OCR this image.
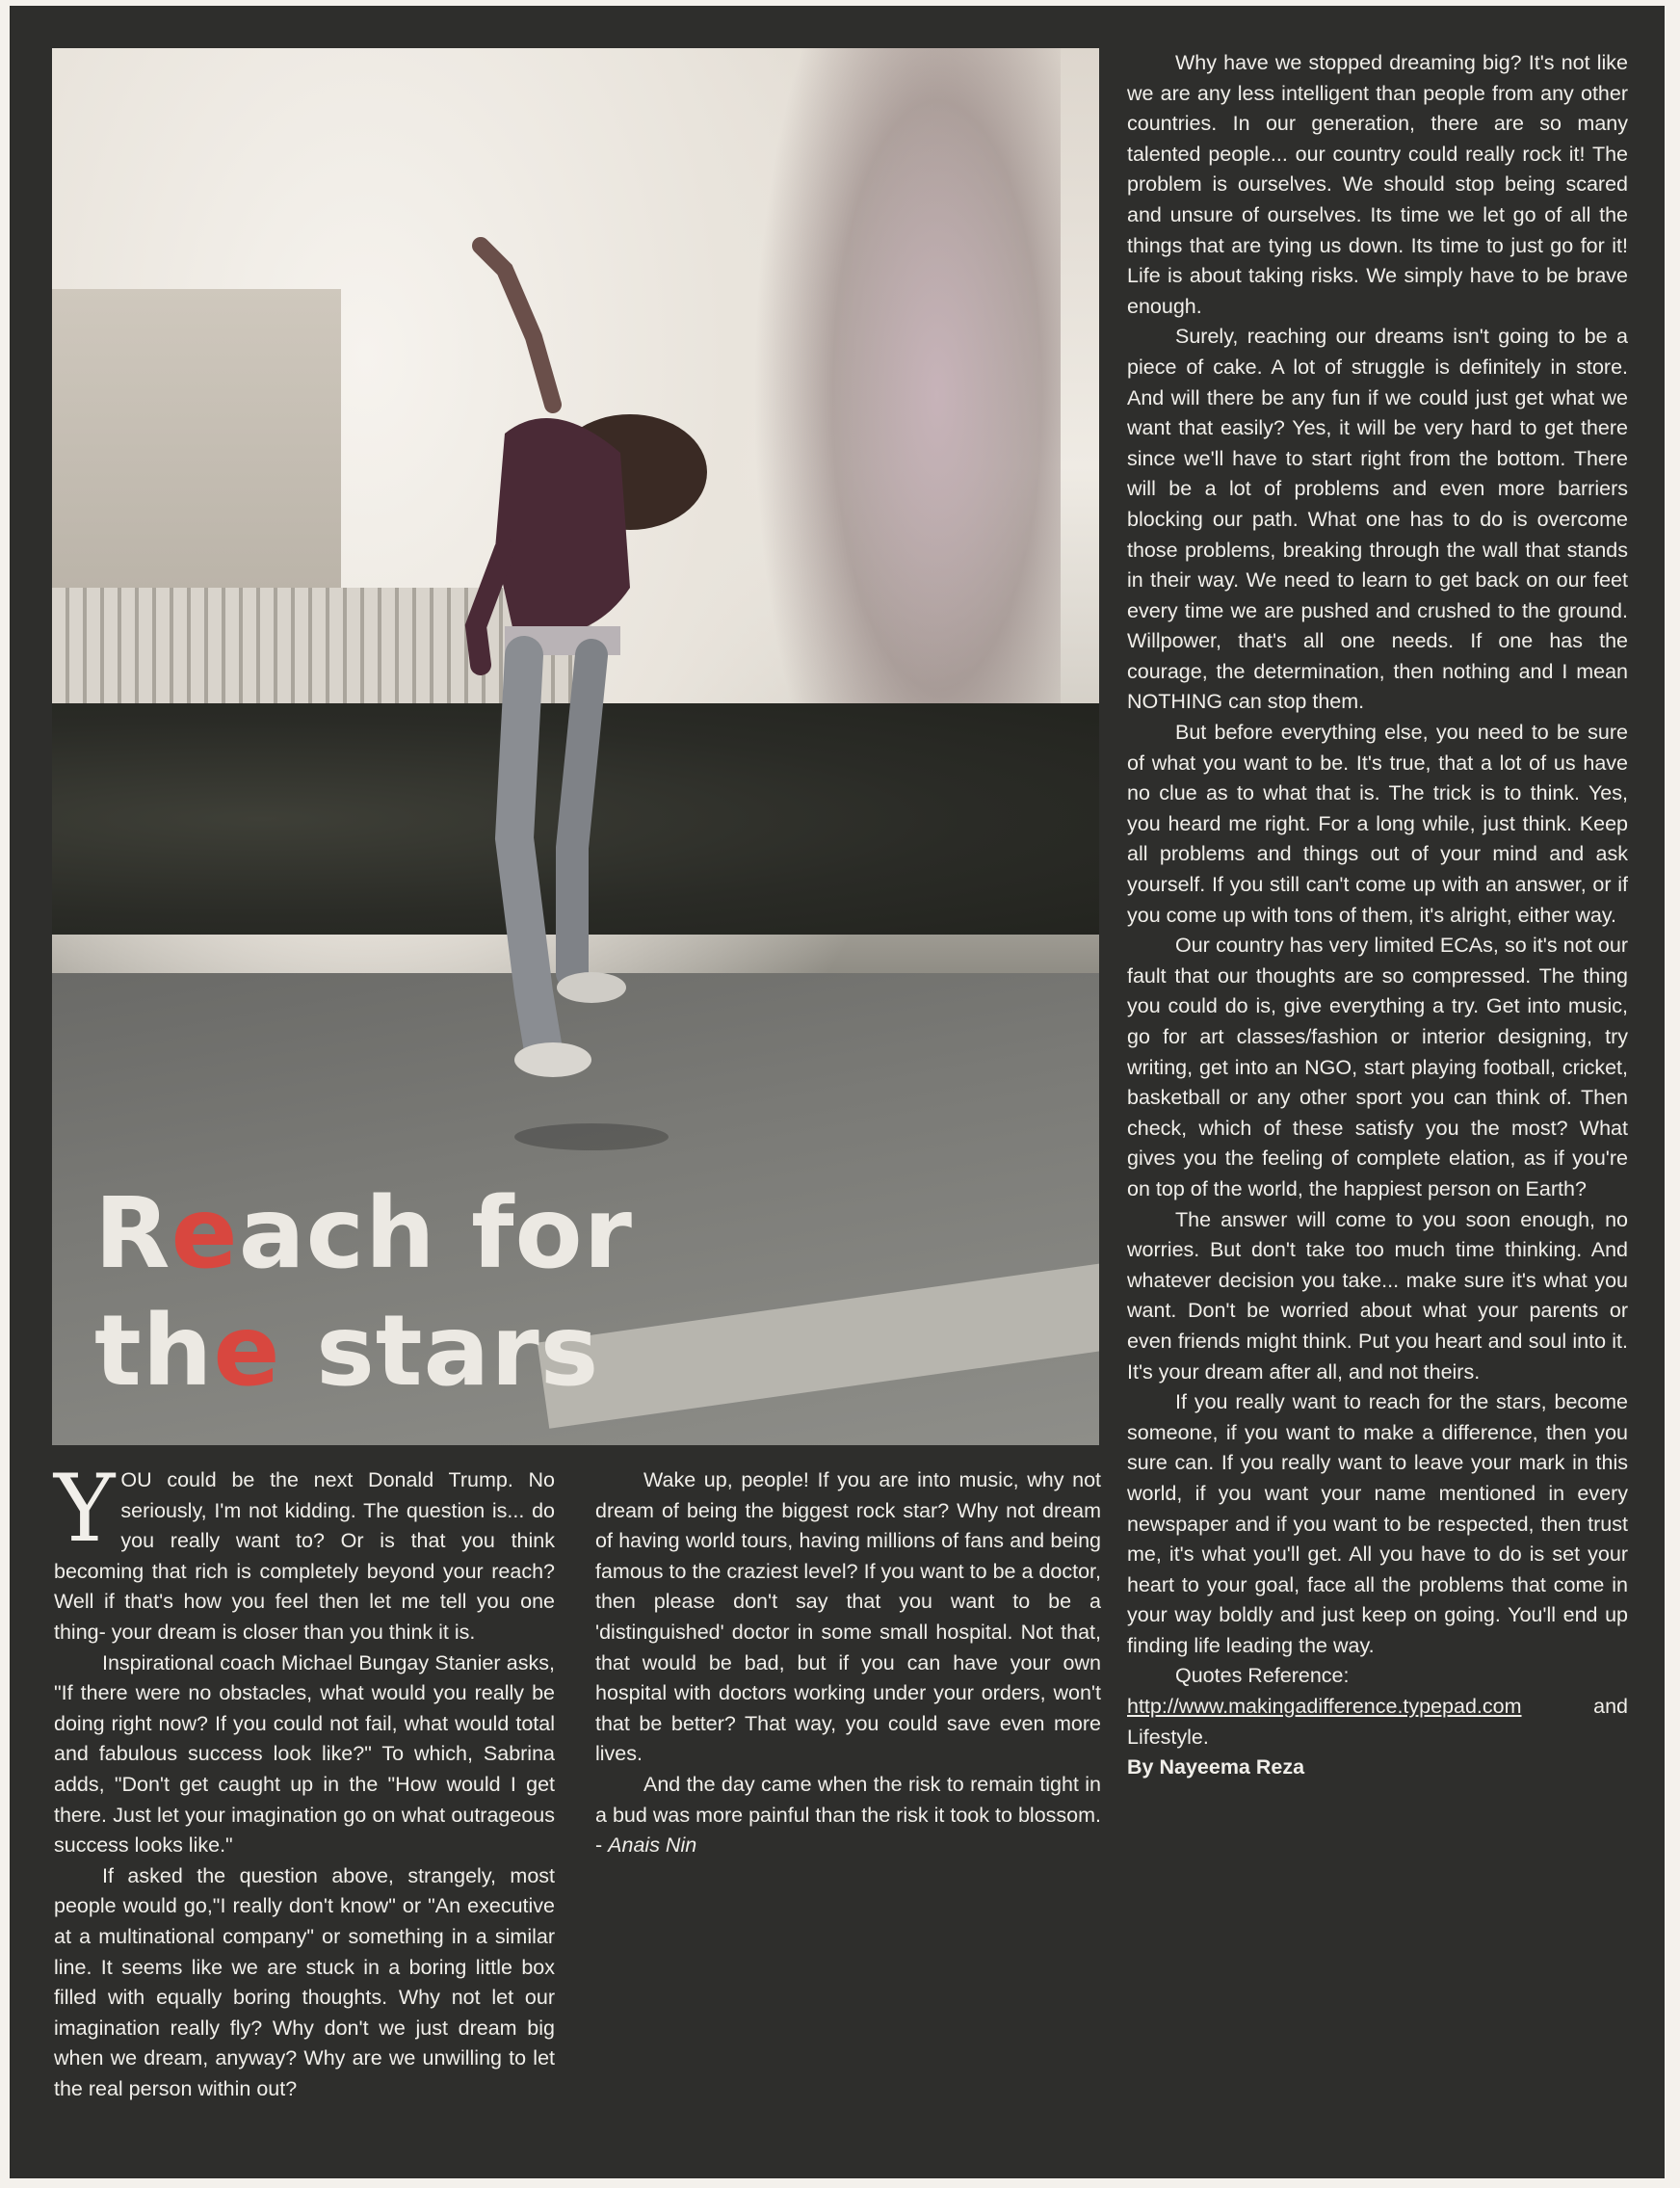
Reach for
the stars

YOU could be the next Donald Trump. No seriously, I'm not kidding. The question is... do you really want to? Or is that you think becoming that rich is completely beyond your reach? Well if that's how you feel then let me tell you one thing- your dream is closer than you think it is.

Inspirational coach Michael Bungay Stanier asks, "If there were no obstacles, what would you really be doing right now? If you could not fail, what would total and fabulous success look like?" To which, Sabrina adds, "Don't get caught up in the "How would I get there. Just let your imagination go on what outrageous success looks like."

If asked the question above, strangely, most people would go,"I really don't know" or "An executive at a multinational company" or something in a similar line. It seems like we are stuck in a boring little box filled with equally boring thoughts. Why not let our imagination really fly? Why don't we just dream big when we dream, anyway? Why are we unwilling to let the real person within out?

Wake up, people! If you are into music, why not dream of being the biggest rock star? Why not dream of having world tours, having millions of fans and being famous to the craziest level? If you want to be a doctor, then please don't say that you want to be a 'distinguished' doctor in some small hospital. Not that, that would be bad, but if you can have your own hospital with doctors working under your orders, won't that be better? That way, you could save even more lives.

And the day came when the risk to remain tight in a bud was more painful than the risk it took to blossom. - Anais Nin

Why have we stopped dreaming big? It's not like we are any less intelligent than people from any other countries. In our generation, there are so many talented people... our country could really rock it! The problem is ourselves. We should stop being scared and unsure of ourselves. Its time we let go of all the things that are tying us down. Its time to just go for it! Life is about taking risks. We simply have to be brave enough.

Surely, reaching our dreams isn't going to be a piece of cake. A lot of struggle is definitely in store. And will there be any fun if we could just get what we want that easily? Yes, it will be very hard to get there since we'll have to start right from the bottom. There will be a lot of problems and even more barriers blocking our path. What one has to do is overcome those problems, breaking through the wall that stands in their way. We need to learn to get back on our feet every time we are pushed and crushed to the ground. Willpower, that's all one needs. If one has the courage, the determination, then nothing and I mean NOTHING can stop them.

But before everything else, you need to be sure of what you want to be. It's true, that a lot of us have no clue as to what that is. The trick is to think. Yes, you heard me right. For a long while, just think. Keep all problems and things out of your mind and ask yourself. If you still can't come up with an answer, or if you come up with tons of them, it's alright, either way.

Our country has very limited ECAs, so it's not our fault that our thoughts are so compressed. The thing you could do is, give everything a try. Get into music, go for art classes/fashion or interior designing, try writing, get into an NGO, start playing football, cricket, basketball or any other sport you can think of. Then check, which of these satisfy you the most? What gives you the feeling of complete elation, as if you're on top of the world, the happiest person on Earth?

The answer will come to you soon enough, no worries. But don't take too much time thinking. And whatever decision you take... make sure it's what you want. Don't be worried about what your parents or even friends might think. Put you heart and soul into it. It's your dream after all, and not theirs.

If you really want to reach for the stars, become someone, if you want to make a difference, then you sure can. If you really want to leave your mark in this world, if you want your name mentioned in every newspaper and if you want to be respected, then trust me, it's what you'll get. All you have to do is set your heart to your goal, face all the problems that come in your way boldly and just keep on going. You'll end up finding life leading the way.

Quotes Reference:

http://www.makingadifference.typepad.com and Lifestyle.

By Nayeema Reza
